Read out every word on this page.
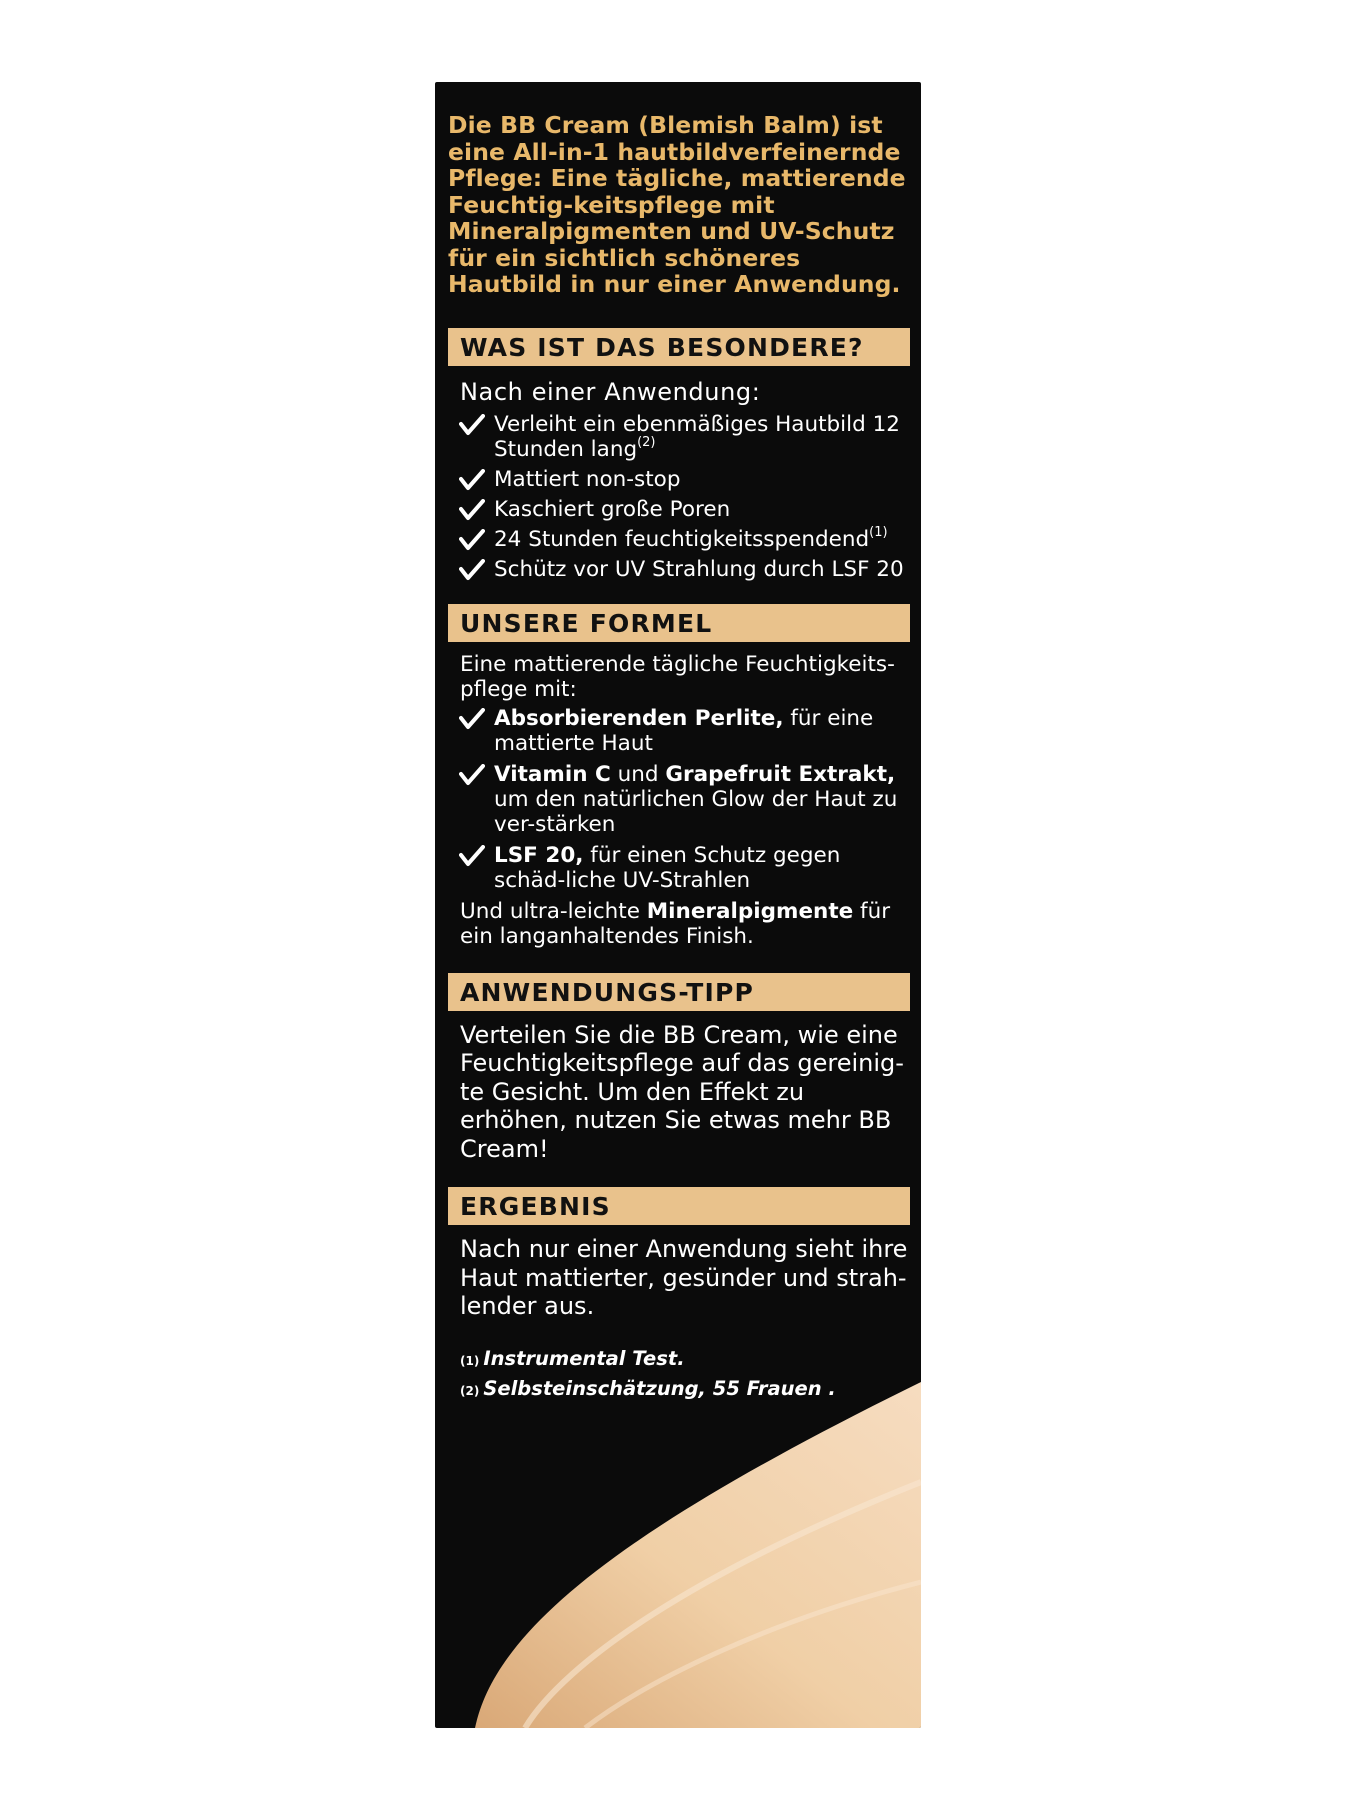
Die BB Cream (Blemish Balm) ist eine All-in-1 hautbildverfeinernde Pflege: Eine tägliche, mattierende Feuchtig-keitspflege mit Mineralpigmenten und UV-Schutz für ein sichtlich schöneres Hautbild in nur einer Anwendung.

WAS IST DAS BESONDERE?

Nach einer Anwendung:

Verleiht ein ebenmäßiges Hautbild 12 Stunden lang$^{(2)}$
Mattiert non-stop
Kaschiert große Poren
24 Stunden feuchtigkeitsspendend$^{(1)}$
Schütz vor UV Strahlung durch LSF 20
UNSERE FORMEL

Eine mattierende tägliche Feuchtigkeits-pflege mit:

Absorbierenden Perlite, für eine mattierte Haut
Vitamin C und Grapefruit Extrakt, um den natürlichen Glow der Haut zu ver-stärken
LSF 20, für einen Schutz gegen schäd-liche UV-Strahlen

Und ultra-leichte Mineralpigmente für ein langanhaltendes Finish.

ANWENDUNGS-TIPP

Verteilen Sie die BB Cream, wie eine Feuchtigkeitspflege auf das gereinig-te Gesicht. Um den Effekt zu erhöhen, nutzen Sie etwas mehr BB Cream!

ERGEBNIS

Nach nur einer Anwendung sieht ihre Haut mattierter, gesünder und strah-lender aus.

(1) Instrumental Test.
(2) Selbsteinschätzung, 55 Frauen .
